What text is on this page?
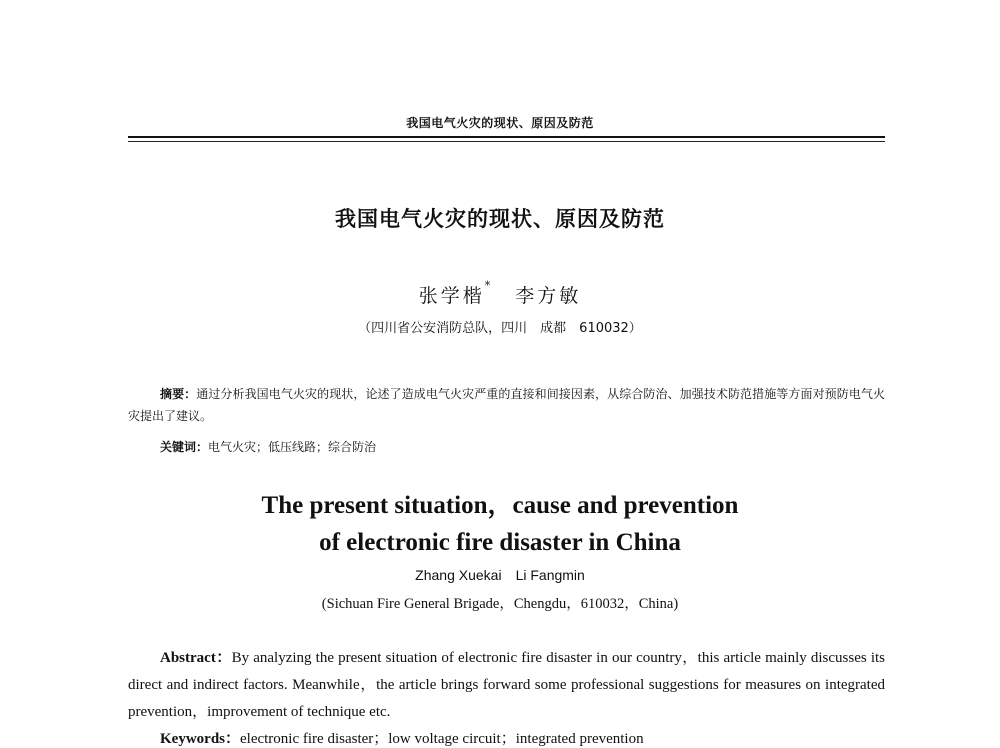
我国电气火灾的现状、原因及防范
我国电气火灾的现状、原因及防范
张学楷* 李方敏
（四川省公安消防总队，四川　成都　610032）
摘要：通过分析我国电气火灾的现状，论述了造成电气火灾严重的直接和间接因素，从综合防治、加强技术防范措施等方面对预防电气火灾提出了建议。
关键词：电气火灾；低压线路；综合防治
The present situation，cause and prevention
of electronic fire disaster in China
Zhang Xuekai　Li Fangmin
(Sichuan Fire General Brigade，Chengdu，610032，China)
Abstract：By analyzing the present situation of electronic fire disaster in our country，this article mainly discusses its direct and indirect factors. Meanwhile，the article brings forward some professional suggestions for measures on integrated prevention，improvement of technique etc.
Keywords：electronic fire disaster；low voltage circuit；integrated prevention
